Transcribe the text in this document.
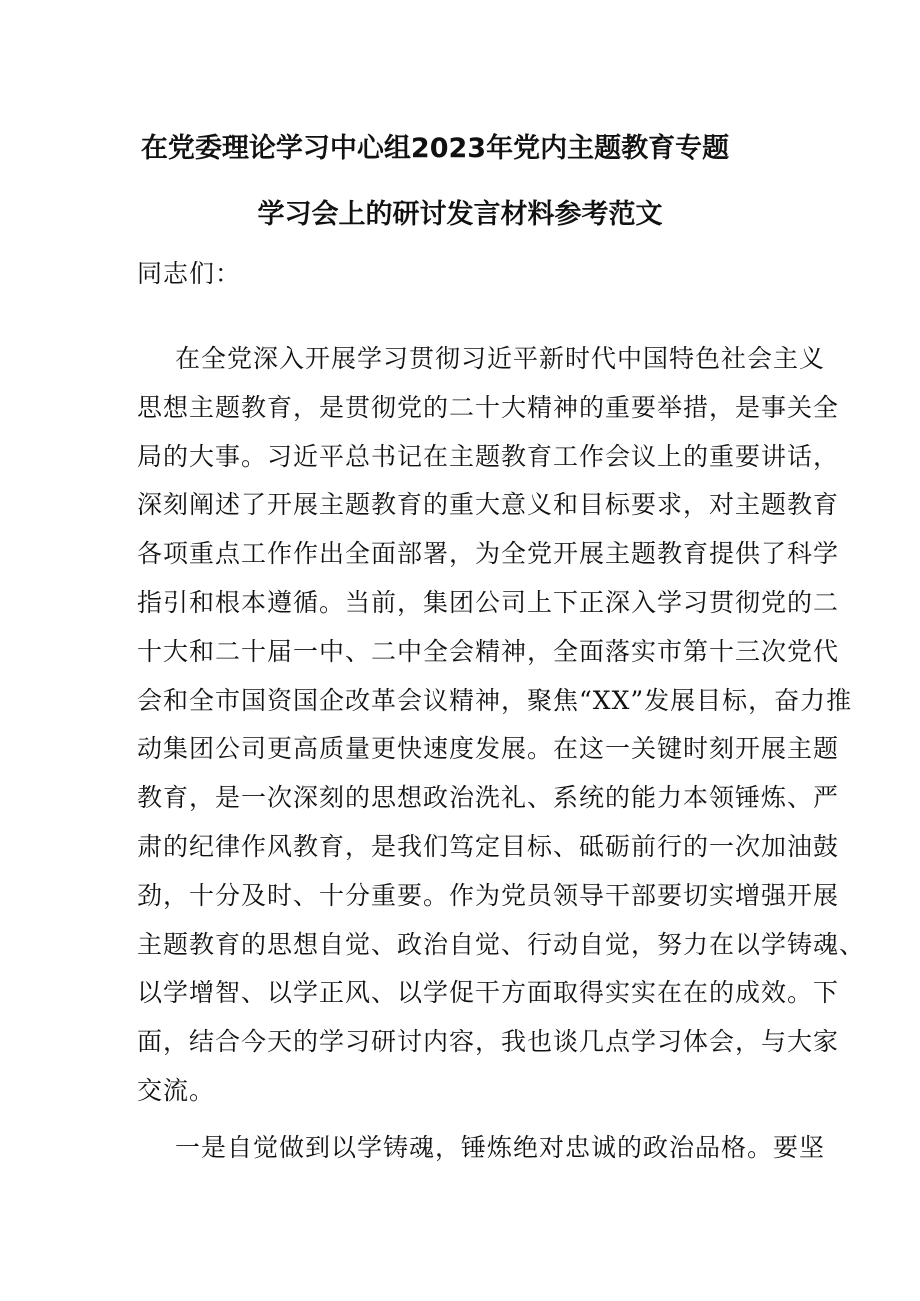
在党委理论学习中心组2023年党内主题教育专题
学习会上的研讨发言材料参考范文
同志们：
在全党深入开展学习贯彻习近平新时代中国特色社会主义
思想主题教育，是贯彻党的二十大精神的重要举措，是事关全
局的大事。习近平总书记在主题教育工作会议上的重要讲话，
深刻阐述了开展主题教育的重大意义和目标要求，对主题教育
各项重点工作作出全面部署，为全党开展主题教育提供了科学
指引和根本遵循。当前，集团公司上下正深入学习贯彻党的二
十大和二十届一中、二中全会精神，全面落实市第十三次党代
会和全市国资国企改革会议精神，聚焦“XX”发展目标，奋力推
动集团公司更高质量更快速度发展。在这一关键时刻开展主题
教育，是一次深刻的思想政治洗礼、系统的能力本领锤炼、严
肃的纪律作风教育，是我们笃定目标、砥砺前行的一次加油鼓
劲，十分及时、十分重要。作为党员领导干部要切实增强开展
主题教育的思想自觉、政治自觉、行动自觉，努力在以学铸魂、
以学增智、以学正风、以学促干方面取得实实在在的成效。下
面，结合今天的学习研讨内容，我也谈几点学习体会，与大家
交流。
一是自觉做到以学铸魂，锤炼绝对忠诚的政治品格。要坚
